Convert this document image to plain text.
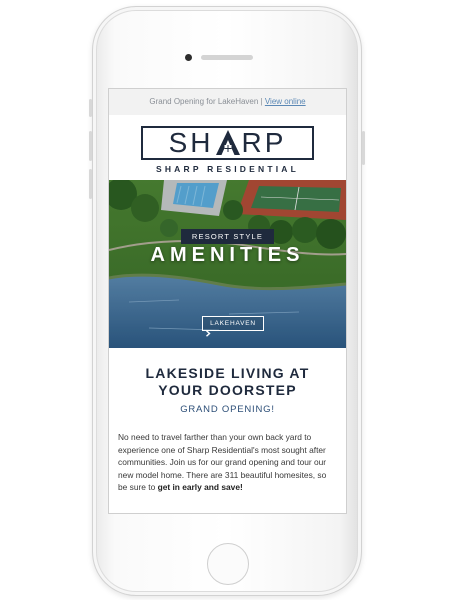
Grand Opening for LakeHaven | View online
SH RP
SHARP RESIDENTIAL
RESORT STYLE
AMENITIES
LAKEHAVEN
LAKESIDE LIVING AT
YOUR DOORSTEP
GRAND OPENING!
No need to travel farther than your own back yard to experience one of Sharp Residential's most sought after communities. Join us for our grand opening and tour our new model home. There are 311 beautiful homesites, so be sure to get in early and save!
